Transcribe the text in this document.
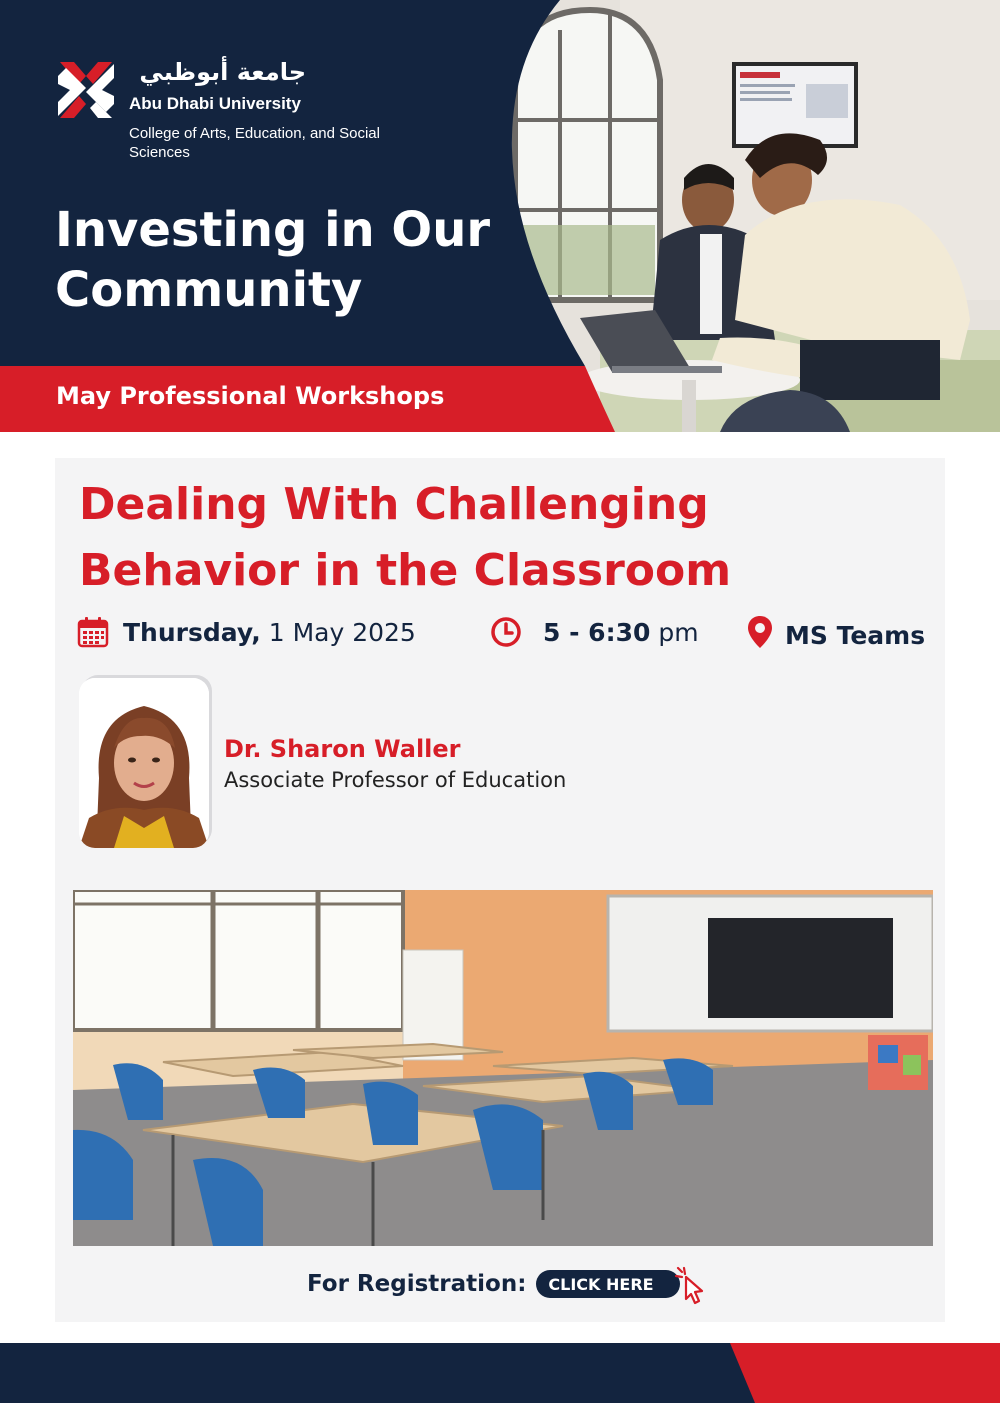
جامعة أبوظبي
Abu Dhabi University
College of Arts, Education, and Social Sciences
Investing in Our Community
May Professional Workshops
Dealing With Challenging Behavior in the Classroom
Thursday, 1 May 2025	5 - 6:30 pm	MS Teams
Dr. Sharon Waller
Associate Professor of Education
For Registration: CLICK HERE
